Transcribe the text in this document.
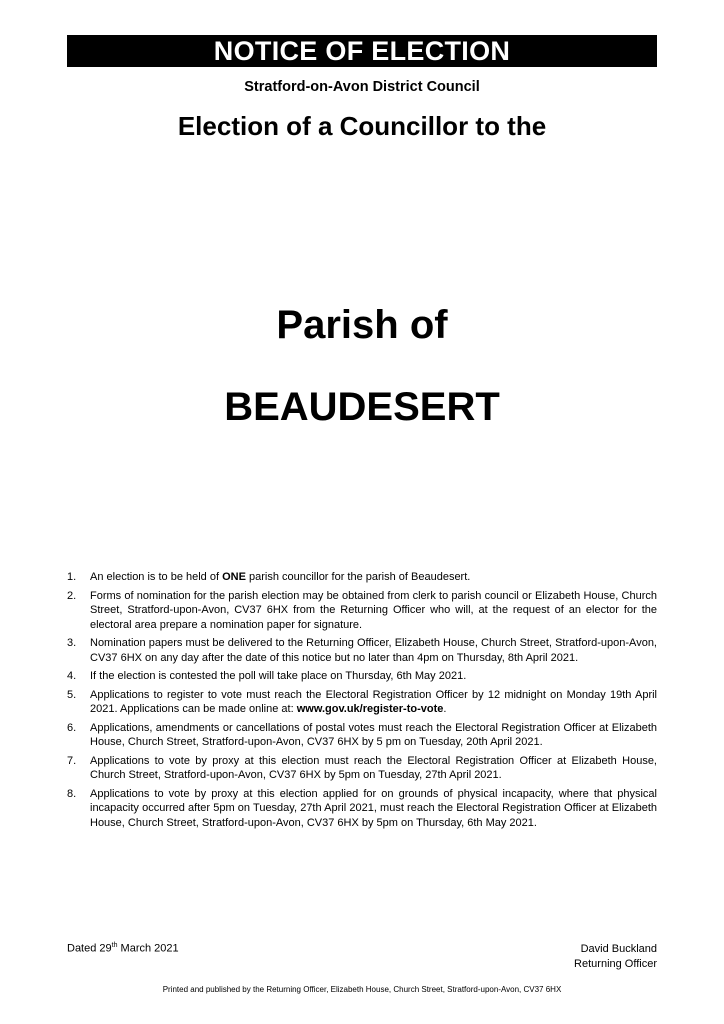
NOTICE OF ELECTION
Stratford-on-Avon District Council
Election of a Councillor to the
Parish of
BEAUDESERT
1.	An election is to be held of ONE parish councillor for the parish of Beaudesert.
2.	Forms of nomination for the parish election may be obtained from clerk to parish council or Elizabeth House, Church Street, Stratford-upon-Avon, CV37 6HX from the Returning Officer who will, at the request of an elector for the electoral area prepare a nomination paper for signature.
3.	Nomination papers must be delivered to the Returning Officer, Elizabeth House, Church Street, Stratford-upon-Avon, CV37 6HX on any day after the date of this notice but no later than 4pm on Thursday, 8th April 2021.
4.	If the election is contested the poll will take place on Thursday, 6th May 2021.
5.	Applications to register to vote must reach the Electoral Registration Officer by 12 midnight on Monday 19th April 2021. Applications can be made online at: www.gov.uk/register-to-vote.
6.	Applications, amendments or cancellations of postal votes must reach the Electoral Registration Officer at Elizabeth House, Church Street, Stratford-upon-Avon, CV37 6HX by 5 pm on Tuesday, 20th April 2021.
7.	Applications to vote by proxy at this election must reach the Electoral Registration Officer at Elizabeth House, Church Street, Stratford-upon-Avon, CV37 6HX by 5pm on Tuesday, 27th April 2021.
8.	Applications to vote by proxy at this election applied for on grounds of physical incapacity, where that physical incapacity occurred after 5pm on Tuesday, 27th April 2021, must reach the Electoral Registration Officer at Elizabeth House, Church Street, Stratford-upon-Avon, CV37 6HX by 5pm on Thursday, 6th May 2021.
Dated 29th March 2021	David Buckland
Returning Officer
Printed and published by the Returning Officer, Elizabeth House, Church Street, Stratford-upon-Avon, CV37 6HX
